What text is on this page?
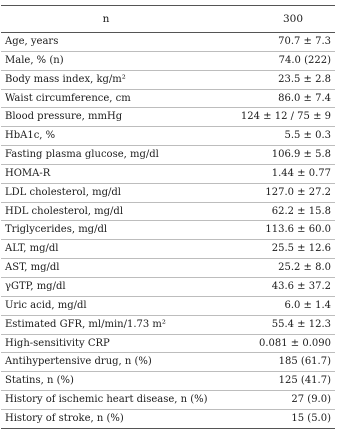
n	300
Age, years	70.7 ± 7.3
Male, % (n)	74.0 (222)
Body mass index, kg/m²	23.5 ± 2.8
Waist circumference, cm	86.0 ± 7.4
Blood pressure, mmHg	124 ± 12 / 75 ± 9
HbA1c, %	5.5 ± 0.3
Fasting plasma glucose, mg/dl	106.9 ± 5.8
HOMA-R	1.44 ± 0.77
LDL cholesterol, mg/dl	127.0 ± 27.2
HDL cholesterol, mg/dl	62.2 ± 15.8
Triglycerides, mg/dl	113.6 ± 60.0
ALT, mg/dl	25.5 ± 12.6
AST, mg/dl	25.2 ± 8.0
γGTP, mg/dl	43.6 ± 37.2
Uric acid, mg/dl	6.0 ± 1.4
Estimated GFR, ml/min/1.73 m²	55.4 ± 12.3
High-sensitivity CRP	0.081 ± 0.090
Antihypertensive drug, n (%)	185 (61.7)
Statins, n (%)	125 (41.7)
History of ischemic heart disease, n (%)	27 (9.0)
History of stroke, n (%)	15 (5.0)
